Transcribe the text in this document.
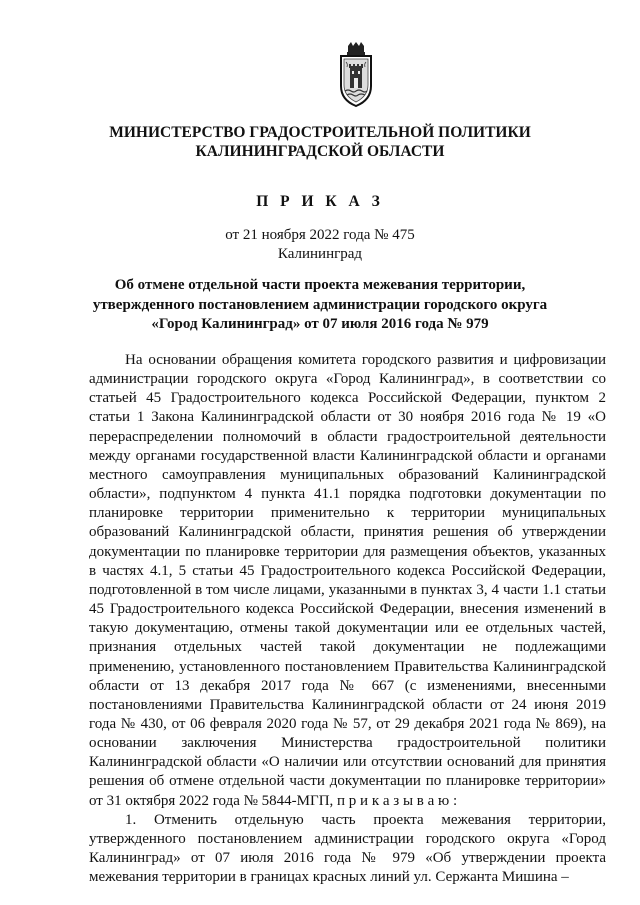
МИНИСТЕРСТВО ГРАДОСТРОИТЕЛЬНОЙ ПОЛИТИКИ
КАЛИНИНГРАДСКОЙ ОБЛАСТИ
П Р И К А З
от 21 ноября 2022 года № 475
Калининград
Об отмене отдельной части проекта межевания территории,
утвержденного постановлением администрации городского округа
«Город Калининград» от 07 июля 2016 года № 979

На основании обращения комитета городского развития и цифровизации администрации городского округа «Город Калининград», в соответствии со статьей 45 Градостроительного кодекса Российской Федерации, пунктом 2 статьи 1 Закона Калининградской области от 30 ноября 2016 года № 19 «О перераспределении полномочий в области градостроительной деятельности между органами государственной власти Калининградской области и органами местного самоуправления муниципальных образований Калининградской области», подпунктом 4 пункта 41.1 порядка подготовки документации по планировке территории применительно к территории муниципальных образований Калининградской области, принятия решения об утверждении документации по планировке территории для размещения объектов, указанных в частях 4.1, 5 статьи 45 Градостроительного кодекса Российской Федерации, подготовленной в том числе лицами, указанными в пунктах 3, 4 части 1.1 статьи 45 Градостроительного кодекса Российской Федерации, внесения изменений в такую документацию, отмены такой документации или ее отдельных частей, признания отдельных частей такой документации не подлежащими применению, установленного постановлением Правительства Калининградской области от 13 декабря 2017 года № 667 (с изменениями, внесенными постановлениями Правительства Калининградской области от 24 июня 2019 года № 430, от 06 февраля 2020 года № 57, от 29 декабря 2021 года № 869), на основании заключения Министерства градостроительной политики Калининградской области «О наличии или отсутствии оснований для принятия решения об отмене отдельной части документации по планировке территории» от 31 октября 2022 года № 5844-МГП, п р и к а з ы в а ю :

1. Отменить отдельную часть проекта межевания территории, утвержденного постановлением администрации городского округа «Город Калининград» от 07 июля 2016 года № 979 «Об утверждении проекта межевания территории в границах красных линий ул. Сержанта Мишина –
